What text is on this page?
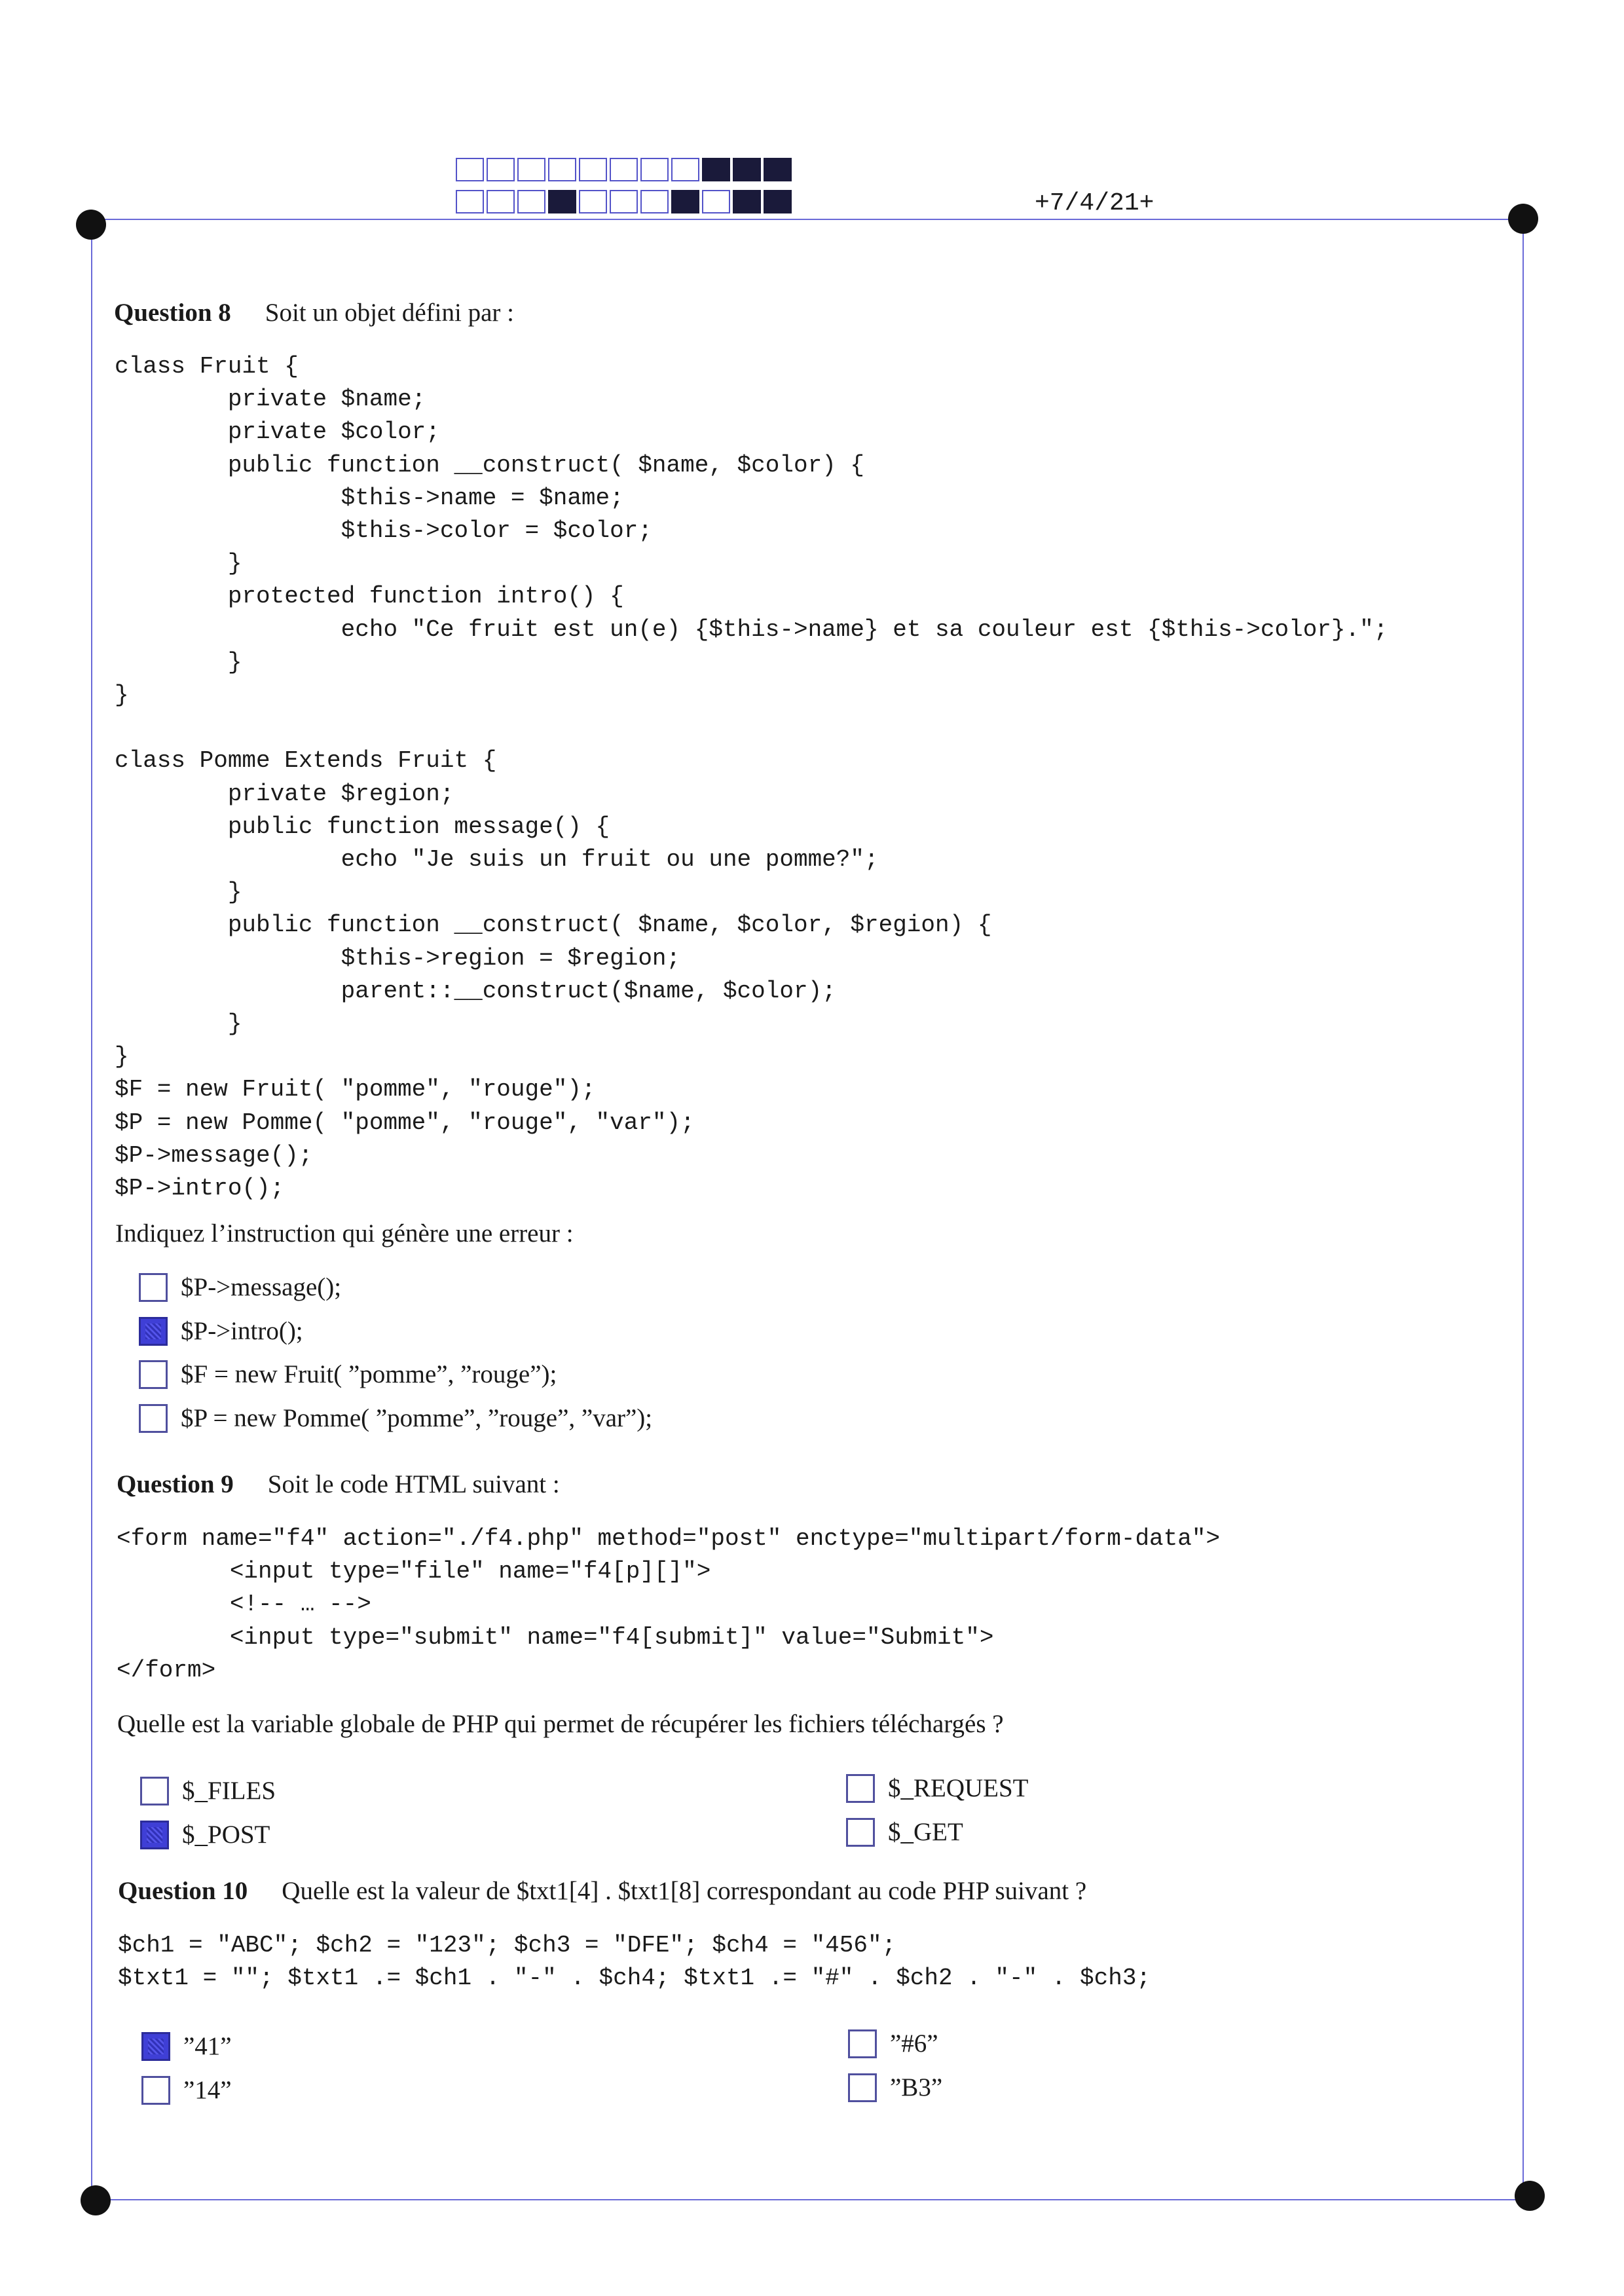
+7/4/21+
Question 8 Soit un objet défini par :
class Fruit {
private $name;
private $color;
public function __construct( $name, $color) {
$this->name = $name;
$this->color = $color;
}
protected function intro() {
echo "Ce fruit est un(e) {$this->name} et sa couleur est {$this->color}.";
}
}

class Pomme Extends Fruit {
private $region;
public function message() {
echo "Je suis un fruit ou une pomme?";
}
public function __construct( $name, $color, $region) {
$this->region = $region;
parent::__construct($name, $color);
}
}
$F = new Fruit( "pomme", "rouge");
$P = new Pomme( "pomme", "rouge", "var");
$P->message();
$P->intro();
Indiquez l’instruction qui génère une erreur :
$P->message();
$P->intro();
$F = new Fruit( ”pomme”, ”rouge”);
$P = new Pomme( ”pomme”, ”rouge”, ”var”);
Question 9 Soit le code HTML suivant :
<form name="f4" action="./f4.php" method="post" enctype="multipart/form-data">
<input type="file" name="f4[p][]">
<!-- … -->
<input type="submit" name="f4[submit]" value="Submit">
</form>
Quelle est la variable globale de PHP qui permet de récupérer les fichiers téléchargés ?
$_FILES
$_POST
$_REQUEST
$_GET
Question 10 Quelle est la valeur de $txt1[4] . $txt1[8] correspondant au code PHP suivant ?
$ch1 = "ABC"; $ch2 = "123"; $ch3 = "DFE"; $ch4 = "456";
$txt1 = ""; $txt1 .= $ch1 . "-" . $ch4; $txt1 .= "#" . $ch2 . "-" . $ch3;
”41”
”14”
”#6”
”B3”
